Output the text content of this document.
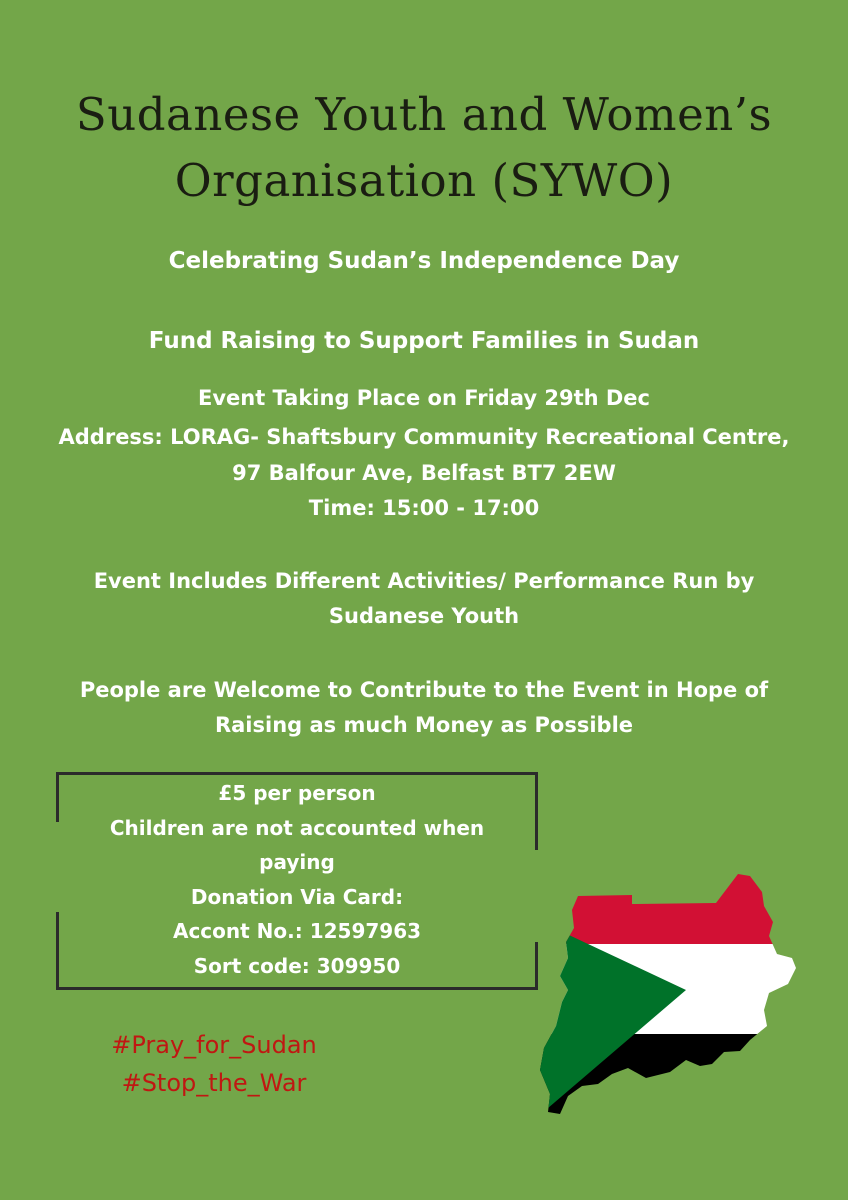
Sudanese Youth and Women’s
Organisation (SYWO)

Celebrating Sudan’s Independence Day

Fund Raising to Support Families in Sudan

Event Taking Place on Friday 29th Dec

Address: LORAG- Shaftsbury Community Recreational Centre,

97 Balfour Ave, Belfast BT7 2EW

Time: 15:00 - 17:00

Event Includes Different Activities/ Performance Run by

Sudanese Youth

People are Welcome to Contribute to the Event in Hope of

Raising as much Money as Possible

£5 per person
Children are not accounted when
paying
Donation Via Card:
Accont No.: 12597963
Sort code: 309950
#Pray_for_Sudan
#Stop_the_War
